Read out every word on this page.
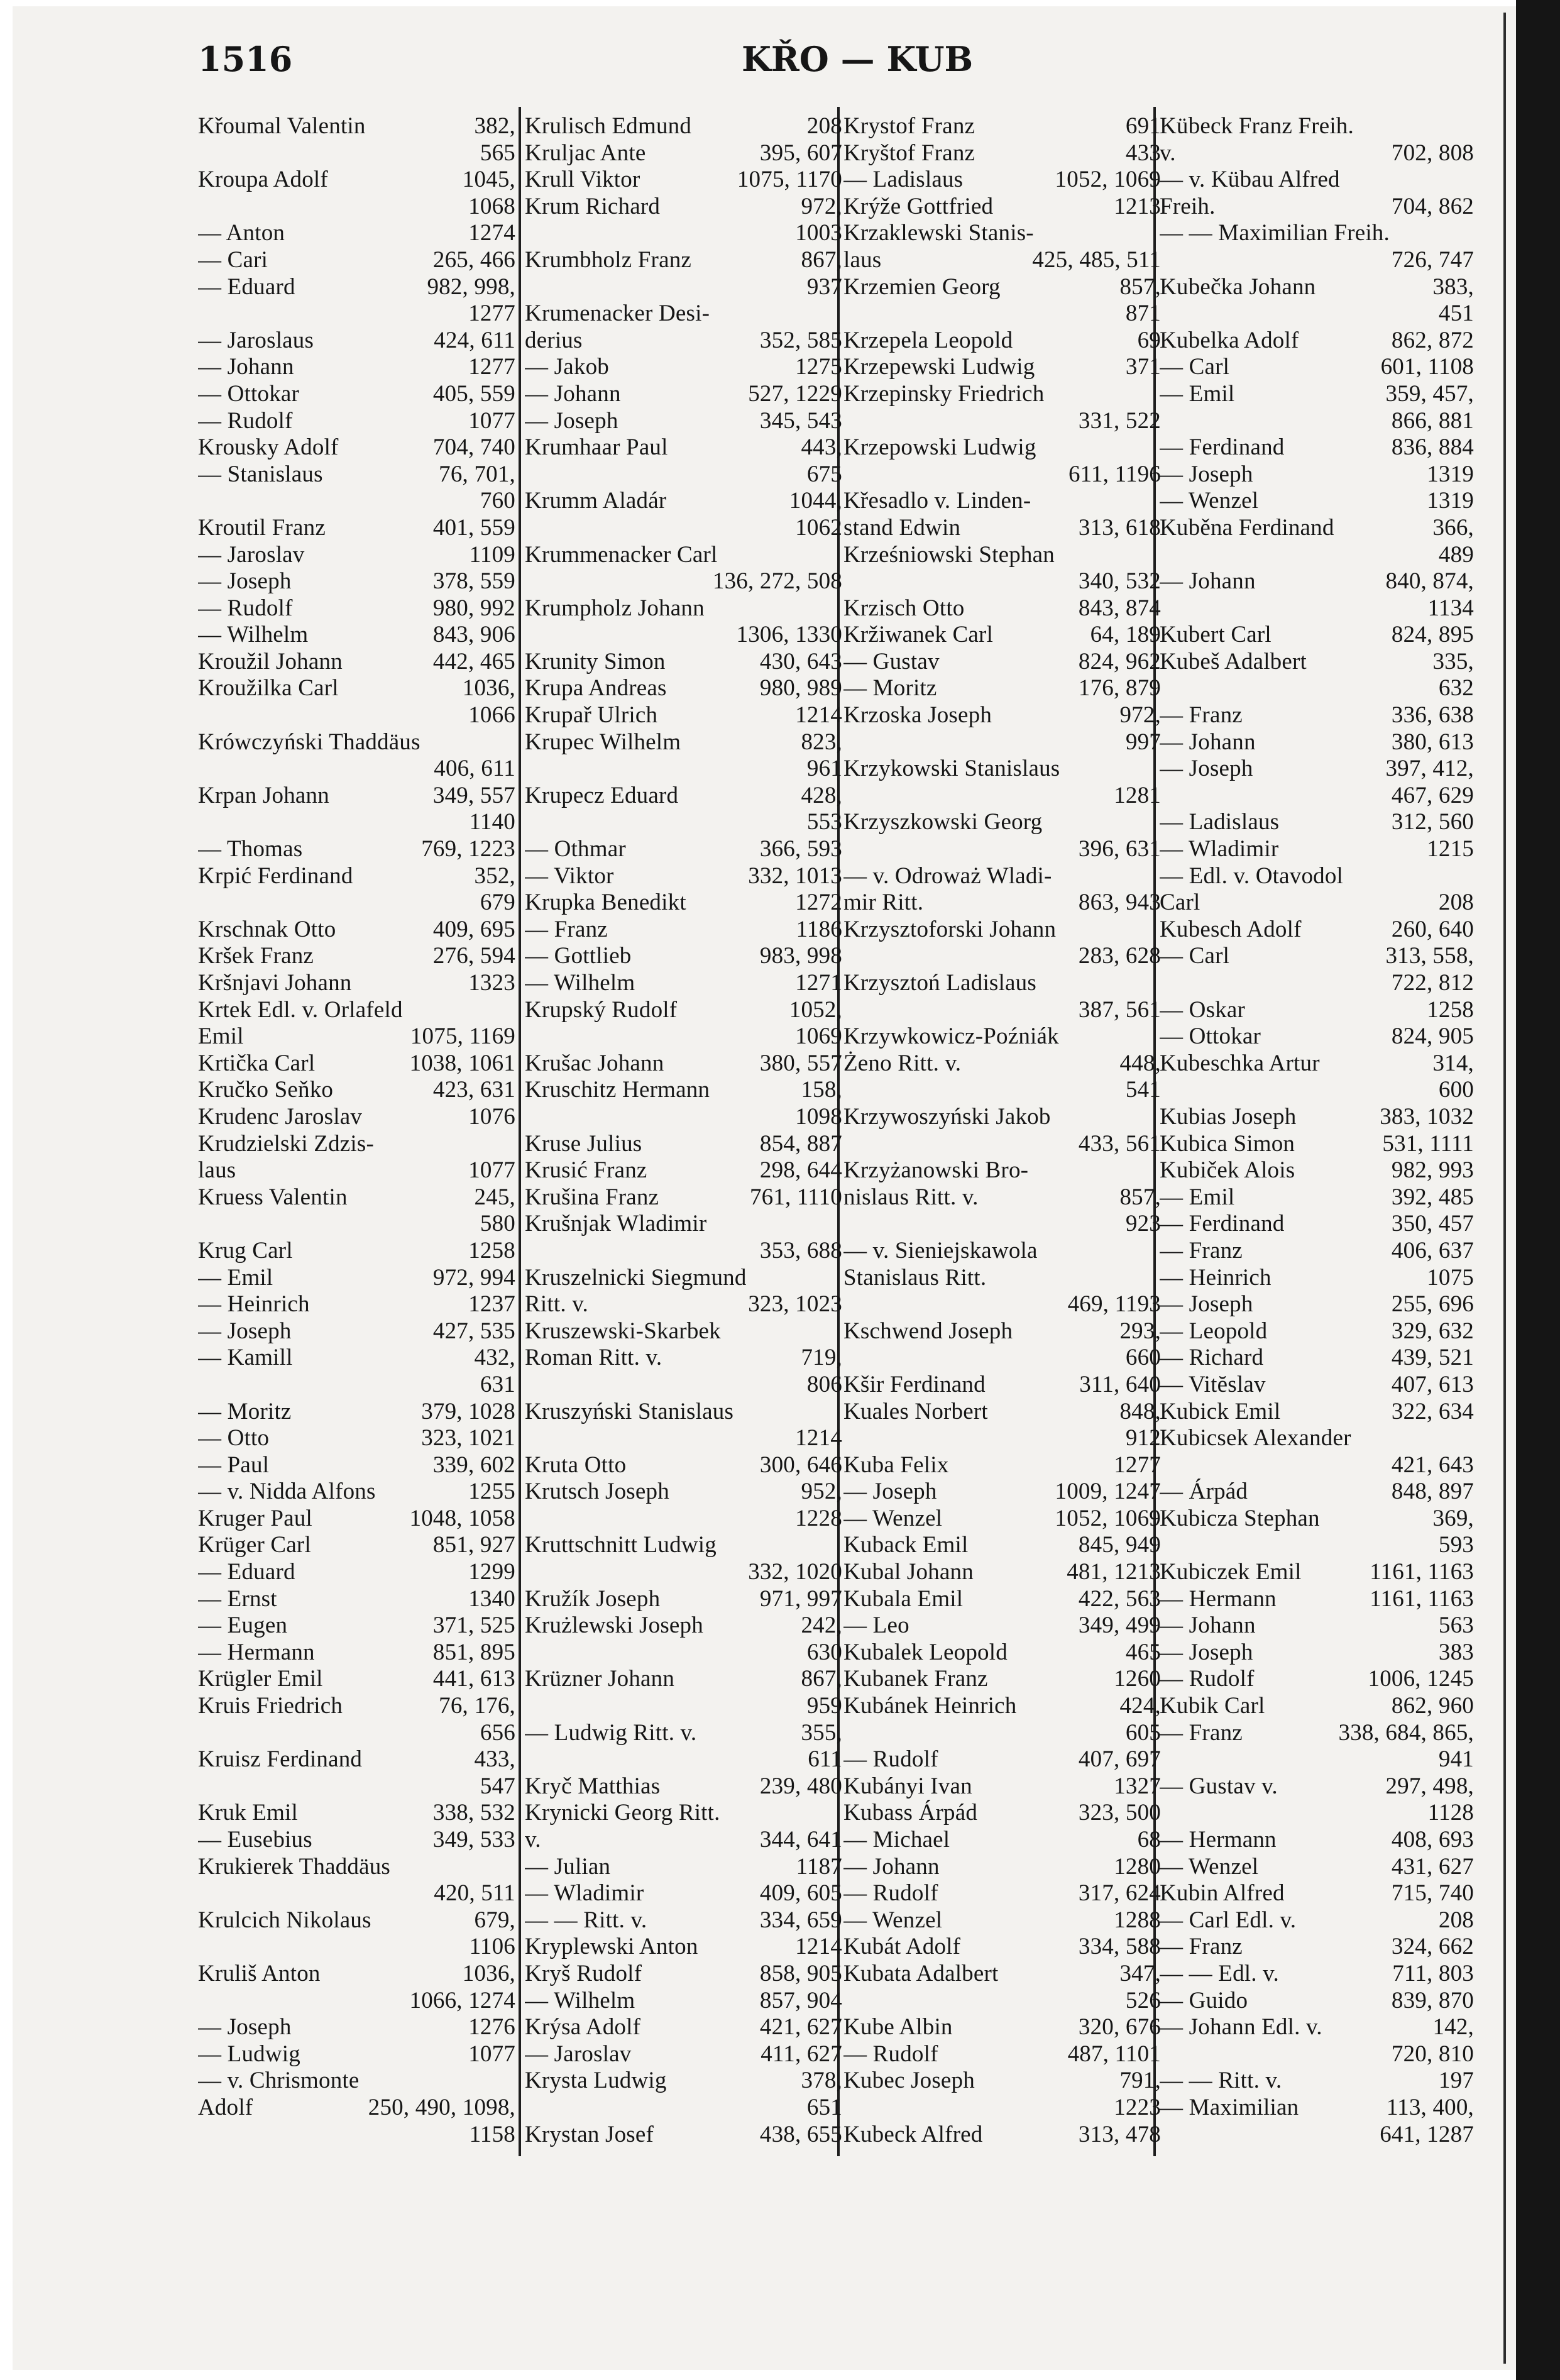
1516	KŘO — KUB
Křoumal Valentin	382,
565
Kroupa Adolf	1045,
1068
— Anton	1274
— Cari	265, 466
— Eduard	982, 998,
1277
— Jaroslaus	424, 611
— Johann	1277
— Ottokar	405, 559
— Rudolf	1077
Krousky Adolf	704, 740
— Stanislaus	76, 701,
760
Kroutil Franz	401, 559
— Jaroslav	1109
— Joseph	378, 559
— Rudolf	980, 992
— Wilhelm	843, 906
Kroužil Johann	442, 465
Kroužilka Carl	1036,
1066
Krówczyński Thaddäus
406, 611
Krpan Johann	349, 557
1140
— Thomas	769, 1223
Krpić Ferdinand	352,
679
Krschnak Otto	409, 695
Kršek Franz	276, 594
Kršnjavi Johann	1323
Krtek Edl. v. Orlafeld
Emil	1075, 1169
Krtička Carl	1038, 1061
Kručko Seňko	423, 631
Krudenc Jaroslav	1076
Krudzielski Zdzis-
laus	1077
Kruess Valentin	245,
580
Krug Carl	1258
— Emil	972, 994
— Heinrich	1237
— Joseph	427, 535
— Kamill	432,
631
— Moritz	379, 1028
— Otto	323, 1021
— Paul	339, 602
— v. Nidda Alfons	1255
Kruger Paul	1048, 1058
Krüger Carl	851, 927
— Eduard	1299
— Ernst	1340
— Eugen	371, 525
— Hermann	851, 895
Krügler Emil	441, 613
Kruis Friedrich	76, 176,
656
Kruisz Ferdinand	433,
547
Kruk Emil	338, 532
— Eusebius	349, 533
Krukierek Thaddäus
420, 511
Krulcich Nikolaus	679,
1106
Kruliš Anton	1036,
1066, 1274
— Joseph	1276
— Ludwig	1077
— v. Chrismonte
Adolf	250, 490, 1098,
1158
Krulisch Edmund	208
Kruljac Ante	395, 607
Krull Viktor	1075, 1170
Krum Richard	972,
1003
Krumbholz Franz	867,
937
Krumenacker Desi-
derius	352, 585
— Jakob	1275
— Johann	527, 1229
— Joseph	345, 543
Krumhaar Paul	443,
675
Krumm Aladár	1044,
1062
Krummenacker Carl
136, 272, 508
Krumpholz Johann
1306, 1330
Krunity Simon	430, 643
Krupa Andreas	980, 989
Krupař Ulrich	1214
Krupec Wilhelm	823,
961
Krupecz Eduard	428,
553
— Othmar	366, 593
— Viktor	332, 1013
Krupka Benedikt	1272
— Franz	1186
— Gottlieb	983, 998
— Wilhelm	1271
Krupský Rudolf	1052,
1069
Krušac Johann	380, 557
Kruschitz Hermann	158,
1098
Kruse Julius	854, 887
Krusić Franz	298, 644
Krušina Franz	761, 1110
Krušnjak Wladimir
353, 688
Kruszelnicki Siegmund
Ritt. v.	323, 1023
Kruszewski-Skarbek
Roman Ritt. v.	719,
806
Kruszyński Stanislaus
1214
Kruta Otto	300, 646
Krutsch Joseph	952,
1228
Kruttschnitt Ludwig
332, 1020
Kružík Joseph	971, 997
Krużlewski Joseph	242,
630
Krüzner Johann	867,
959
— Ludwig Ritt. v.	355,
611
Kryč Matthias	239, 480
Krynicki Georg Ritt.
v.	344, 641
— Julian	1187
— Wladimir	409, 605
— — Ritt. v.	334, 659
Kryplewski Anton	1214
Kryš Rudolf	858, 905
— Wilhelm	857, 904
Krýsa Adolf	421, 627
— Jaroslav	411, 627
Krysta Ludwig	378,
651
Krystan Josef	438, 655
Krystof Franz	691
Kryštof Franz	433
— Ladislaus	1052, 1069
Krýže Gottfried	1213
Krzaklewski Stanis-
laus	425, 485, 511
Krzemien Georg	857,
871
Krzepela Leopold	69
Krzepewski Ludwig	371
Krzepinsky Friedrich
331, 522
Krzepowski Ludwig
611, 1196
Křesadlo v. Linden-
stand Edwin	313, 618
Krześniowski Stephan
340, 532
Krzisch Otto	843, 874
Kržiwanek Carl	64, 189
— Gustav	824, 962
— Moritz	176, 879
Krzoska Joseph	972,
997
Krzykowski Stanislaus
1281
Krzyszkowski Georg
396, 631
— v. Odroważ Wladi-
mir Ritt.	863, 943
Krzysztoforski Johann
283, 628
Krzysztoń Ladislaus
387, 561
Krzywkowicz-Poźniák
Żeno Ritt. v.	448,
541
Krzywoszyński Jakob
433, 561
Krzyżanowski Bro-
nislaus Ritt. v.	857,
923
— v. Sieniejskawola
Stanislaus Ritt.
469, 1193
Kschwend Joseph	293,
660
Kšir Ferdinand	311, 640
Kuales Norbert	848,
912
Kuba Felix	1277
— Joseph	1009, 1247
— Wenzel	1052, 1069
Kuback Emil	845, 949
Kubal Johann	481, 1213
Kubala Emil	422, 563
— Leo	349, 499
Kubalek Leopold	465
Kubanek Franz	1260
Kubánek Heinrich	424,
605
— Rudolf	407, 697
Kubányi Ivan	1327
Kubass Árpád	323, 500
— Michael	68
— Johann	1280
— Rudolf	317, 624
— Wenzel	1288
Kubát Adolf	334, 588
Kubata Adalbert	347,
526
Kube Albin	320, 676
— Rudolf	487, 1101
Kubec Joseph	791,
1223
Kubeck Alfred	313, 478
Kübeck Franz Freih.
v.	702, 808
— v. Kübau Alfred
Freih.	704, 862
— — Maximilian Freih.
726, 747
Kubečka Johann	383,
451
Kubelka Adolf	862, 872
— Carl	601, 1108
— Emil	359, 457,
866, 881
— Ferdinand	836, 884
— Joseph	1319
— Wenzel	1319
Kuběna Ferdinand	366,
489
— Johann	840, 874,
1134
Kubert Carl	824, 895
Kubeš Adalbert	335,
632
— Franz	336, 638
— Johann	380, 613
— Joseph	397, 412,
467, 629
— Ladislaus	312, 560
— Wladimir	1215
— Edl. v. Otavodol
Carl	208
Kubesch Adolf	260, 640
— Carl	313, 558,
722, 812
— Oskar	1258
— Ottokar	824, 905
Kubeschka Artur	314,
600
Kubias Joseph	383, 1032
Kubica Simon	531, 1111
Kubiček Alois	982, 993
— Emil	392, 485
— Ferdinand	350, 457
— Franz	406, 637
— Heinrich	1075
— Joseph	255, 696
— Leopold	329, 632
— Richard	439, 521
— Vitĕslav	407, 613
Kubick Emil	322, 634
Kubicsek Alexander
421, 643
— Árpád	848, 897
Kubicza Stephan	369,
593
Kubiczek Emil	1161, 1163
— Hermann	1161, 1163
— Johann	563
— Joseph	383
— Rudolf	1006, 1245
Kubik Carl	862, 960
— Franz	338, 684, 865,
941
— Gustav v.	297, 498,
1128
— Hermann	408, 693
— Wenzel	431, 627
Kubin Alfred	715, 740
— Carl Edl. v.	208
— Franz	324, 662
— — Edl. v.	711, 803
— Guido	839, 870
— Johann Edl. v.	142,
720, 810
— — Ritt. v.	197
— Maximilian	113, 400,
641, 1287
